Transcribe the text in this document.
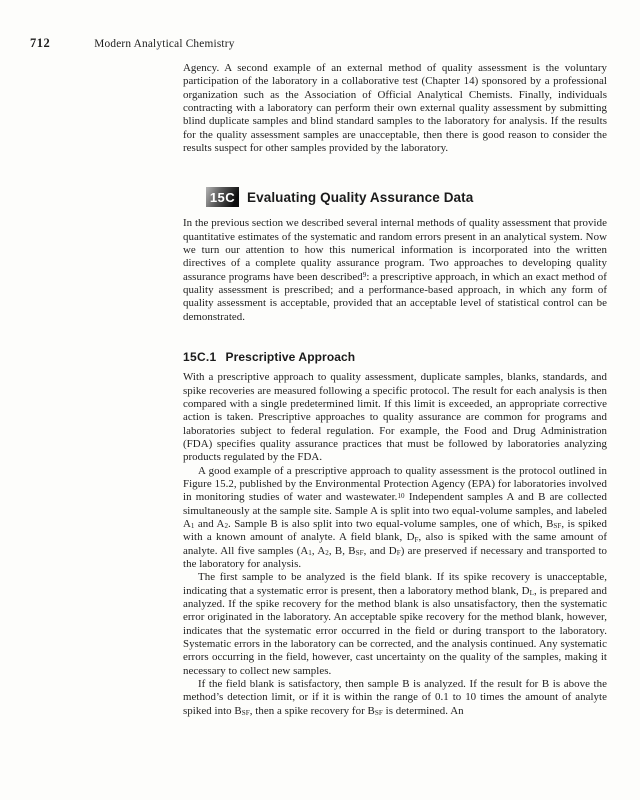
712	Modern Analytical Chemistry

Agency. A second example of an external method of quality assessment is the voluntary participation of the laboratory in a collaborative test (Chapter 14) sponsored by a professional organization such as the Association of Official Analytical Chemists. Finally, individuals contracting with a laboratory can perform their own external quality assessment by submitting blind duplicate samples and blind standard samples to the laboratory for analysis. If the results for the quality assessment samples are unacceptable, then there is good reason to consider the results suspect for other samples provided by the laboratory.

15C Evaluating Quality Assurance Data

In the previous section we described several internal methods of quality assessment that provide quantitative estimates of the systematic and random errors present in an analytical system. Now we turn our attention to how this numerical information is incorporated into the written directives of a complete quality assurance program. Two approaches to developing quality assurance programs have been described$^9$: a prescriptive approach, in which an exact method of quality assessment is prescribed; and a performance-based approach, in which any form of quality assessment is acceptable, provided that an acceptable level of statistical control can be demonstrated.

15C.1 Prescriptive Approach

With a prescriptive approach to quality assessment, duplicate samples, blanks, standards, and spike recoveries are measured following a specific protocol. The result for each analysis is then compared with a single predetermined limit. If this limit is exceeded, an appropriate corrective action is taken. Prescriptive approaches to quality assurance are common for programs and laboratories subject to federal regulation. For example, the Food and Drug Administration (FDA) specifies quality assurance practices that must be followed by laboratories analyzing products regulated by the FDA.

A good example of a prescriptive approach to quality assessment is the protocol outlined in Figure 15.2, published by the Environmental Protection Agency (EPA) for laboratories involved in monitoring studies of water and wastewater.$^{10}$ Independent samples A and B are collected simultaneously at the sample site. Sample A is split into two equal-volume samples, and labeled $A_1$ and $A_2$. Sample B is also split into two equal-volume samples, one of which, $B_{SF}$, is spiked with a known amount of analyte. A field blank, $D_F$, also is spiked with the same amount of analyte. All five samples ($A_1$, $A_2$, B, $B_{SF}$, and $D_F$) are preserved if necessary and transported to the laboratory for analysis.

The first sample to be analyzed is the field blank. If its spike recovery is unacceptable, indicating that a systematic error is present, then a laboratory method blank, $D_L$, is prepared and analyzed. If the spike recovery for the method blank is also unsatisfactory, then the systematic error originated in the laboratory. An acceptable spike recovery for the method blank, however, indicates that the systematic error occurred in the field or during transport to the laboratory. Systematic errors in the laboratory can be corrected, and the analysis continued. Any systematic errors occurring in the field, however, cast uncertainty on the quality of the samples, making it necessary to collect new samples.

If the field blank is satisfactory, then sample B is analyzed. If the result for B is above the method’s detection limit, or if it is within the range of 0.1 to 10 times the amount of analyte spiked into $B_{SF}$, then a spike recovery for $B_{SF}$ is determined. An
